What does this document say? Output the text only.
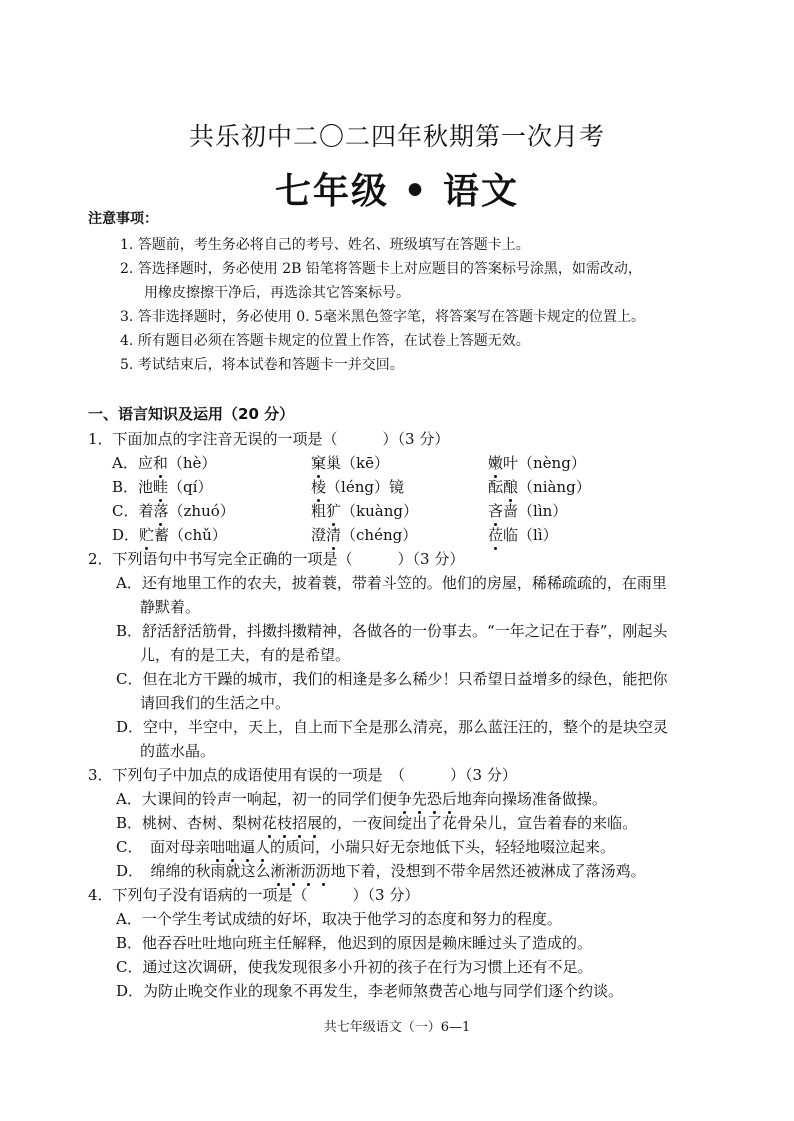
共乐初中二〇二四年秋期第一次月考
七年级 • 语文
注意事项：
1. 答题前，考生务必将自己的考号、姓名、班级填写在答题卡上。
2. 答选择题时，务必使用 2B 铅笔将答题卡上对应题目的答案标号涂黑，如需改动，
用橡皮擦擦干净后，再选涂其它答案标号。
3. 答非选择题时，务必使用 0. 5毫米黑色签字笔，将答案写在答题卡规定的位置上。
4. 所有题目必须在答题卡规定的位置上作答，在试卷上答题无效。
5. 考试结束后，将本试卷和答题卡一并交回。
一、语言知识及运用（20 分）
1．下面加点的字注音无误的一项是（　　　）（3 分）
A．应和（hè）	窠巢（kē）	嫩叶（nèng）
B．池畦（qí）	棱（léng）镜	酝酿（niàng）
C．着落（zhuó）	粗犷（kuàng）	吝啬（lìn）
D．贮蓄（chǔ）	澄清（chéng）	莅临（lì）
2．下列语句中书写完全正确的一项是（　　　）（3 分）
A．还有地里工作的农夫，披着蓑，带着斗笠的。他们的房屋，稀稀疏疏的，在雨里
静默着。
B．舒活舒活筋骨，抖擞抖擞精神，各做各的一份事去。“一年之记在于春”，刚起头
儿，有的是工夫，有的是希望。
C．但在北方干躁的城市，我们的相逢是多么稀少！只希望日益增多的绿色，能把你
请回我们的生活之中。
D．空中，半空中，天上，自上而下全是那么清亮，那么蓝汪汪的，整个的是块空灵
的蓝水晶。
3．下列句子中加点的成语使用有误的一项是　（　　　）（3 分）
A．大课间的铃声一响起，初一的同学们便争先恐后地奔向操场准备做操。
B．桃树、杏树、梨树花枝招展的，一夜间绽出了花骨朵儿，宣告着春的来临。
C．　面对母亲咄咄逼人的质问，小瑞只好无奈地低下头，轻轻地啜泣起来。
D．　绵绵的秋雨就这么淅淅沥沥地下着，没想到不带伞居然还被淋成了落汤鸡。
4．下列句子没有语病的一项是（　　　）（3 分）
A．一个学生考试成绩的好坏，取决于他学习的态度和努力的程度。
B．他吞吞吐吐地向班主任解释，他迟到的原因是赖床睡过头了造成的。
C．通过这次调研，使我发现很多小升初的孩子在行为习惯上还有不足。
D．为防止晚交作业的现象不再发生，李老师煞费苦心地与同学们逐个约谈。
共七年级语文（一）6—1
